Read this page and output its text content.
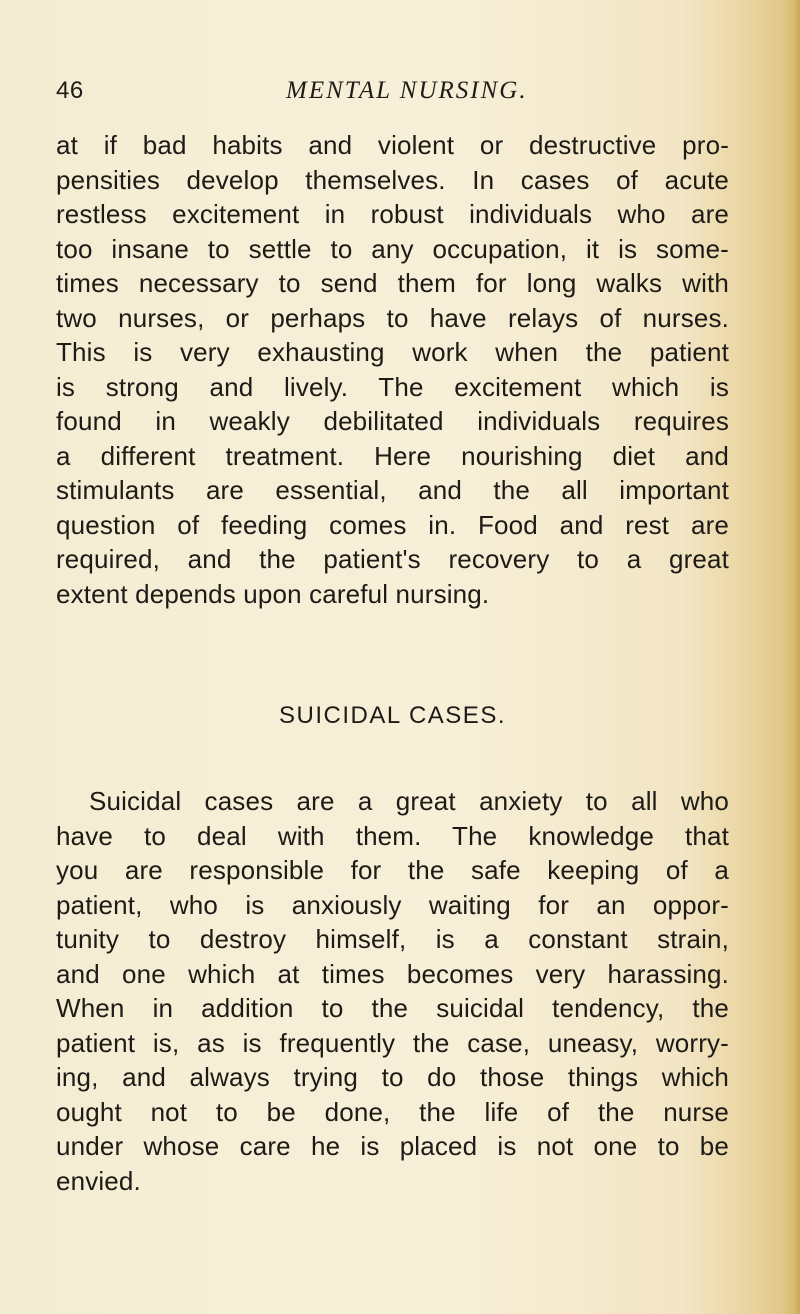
46	MENTAL NURSING.
at if bad habits and violent or destructive pro-
pensities develop themselves. In cases of acute
restless excitement in robust individuals who are
too insane to settle to any occupation, it is some-
times necessary to send them for long walks with
two nurses, or perhaps to have relays of nurses.
This is very exhausting work when the patient
is strong and lively. The excitement which is
found in weakly debilitated individuals requires
a different treatment. Here nourishing diet and
stimulants are essential, and the all important
question of feeding comes in. Food and rest are
required, and the patient's recovery to a great
extent depends upon careful nursing.
SUICIDAL CASES.
Suicidal cases are a great anxiety to all who
have to deal with them. The knowledge that
you are responsible for the safe keeping of a
patient, who is anxiously waiting for an oppor-
tunity to destroy himself, is a constant strain,
and one which at times becomes very harassing.
When in addition to the suicidal tendency, the
patient is, as is frequently the case, uneasy, worry-
ing, and always trying to do those things which
ought not to be done, the life of the nurse
under whose care he is placed is not one to be
envied.
